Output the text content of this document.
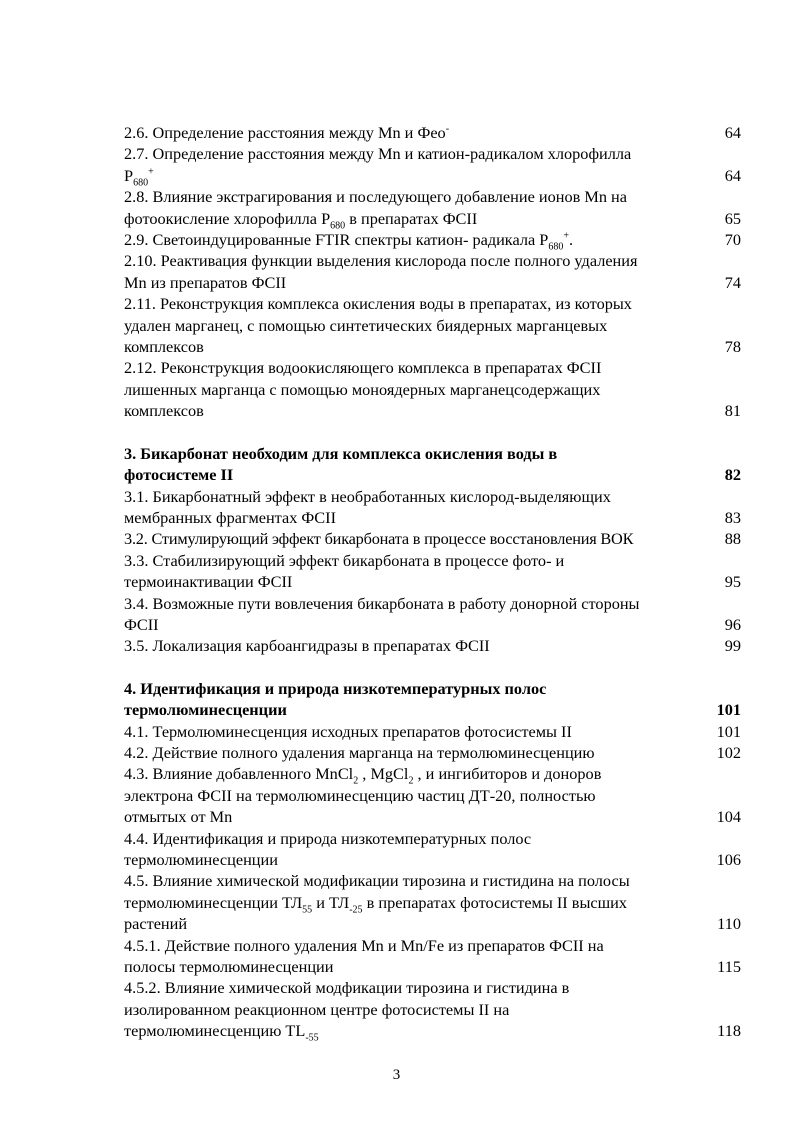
2.6. Определение расстояния между Mn и Фео-	64
2.7. Определение расстояния между Mn и катион-радикалом хлорофилла
$P_{680}^+$	64
2.8. Влияние экстрагирования и последующего добавление ионов Mn на
фотоокисление хлорофилла $P_{680}$ в препаратах ФСII	65
2.9. Светоиндуцированные FTIR спектры катион- радикала $P_{680}^+$.	70
2.10. Реактивация функции выделения кислорода после полного удаления
Mn из препаратов ФСII	74
2.11. Реконструкция комплекса окисления воды в препаратах, из которых
удален марганец, с помощью синтетических биядерных марганцевых
комплексов	78
2.12. Реконструкция водоокисляющего комплекса в препаратах ФСII
лишенных марганца с помощью моноядерных марганецсодержащих
комплексов	81
3. Бикарбонат необходим для комплекса окисления воды в
фотосистеме II	82
3.1. Бикарбонатный эффект в необработанных кислород-выделяющих
мембранных фрагментах ФСII	83
3.2. Стимулирующий эффект бикарбоната в процессе восстановления ВОК	88
3.3. Стабилизирующий эффект бикарбоната в процессе фото- и
термоинактивации ФСII	95
3.4. Возможные пути вовлечения бикарбоната в работу донорной стороны
ФСII	96
3.5. Локализация карбоангидразы в препаратах ФСII	99
4. Идентификация и природа низкотемпературных полос
термолюминесценции	101
4.1. Термолюминесценция исходных препаратов фотосистемы II	101
4.2. Действие полного удаления марганца на термолюминесценцию	102
4.3. Влияние добавленного MnCl$_2$ , MgCl$_2$ , и ингибиторов и доноров
электрона ФСII на термолюминесценцию частиц ДТ-20, полностью
отмытых от Mn	104
4.4. Идентификация и природа низкотемпературных полос
термолюминесценции	106
4.5. Влияние химической модификации тирозина и гистидина на полосы
термолюминесценции $ТЛ_{55}$ и $ТЛ_{-25}$ в препаратах фотосистемы II высших
растений	110
4.5.1. Действие полного удаления Mn и Mn/Fe из препаратов ФСII на
полосы термолюминесценции	115
4.5.2. Влияние химической модфикации тирозина и гистидина в
изолированном реакционном центре фотосистемы II на
термолюминесценцию $TL_{-55}$	118
3
